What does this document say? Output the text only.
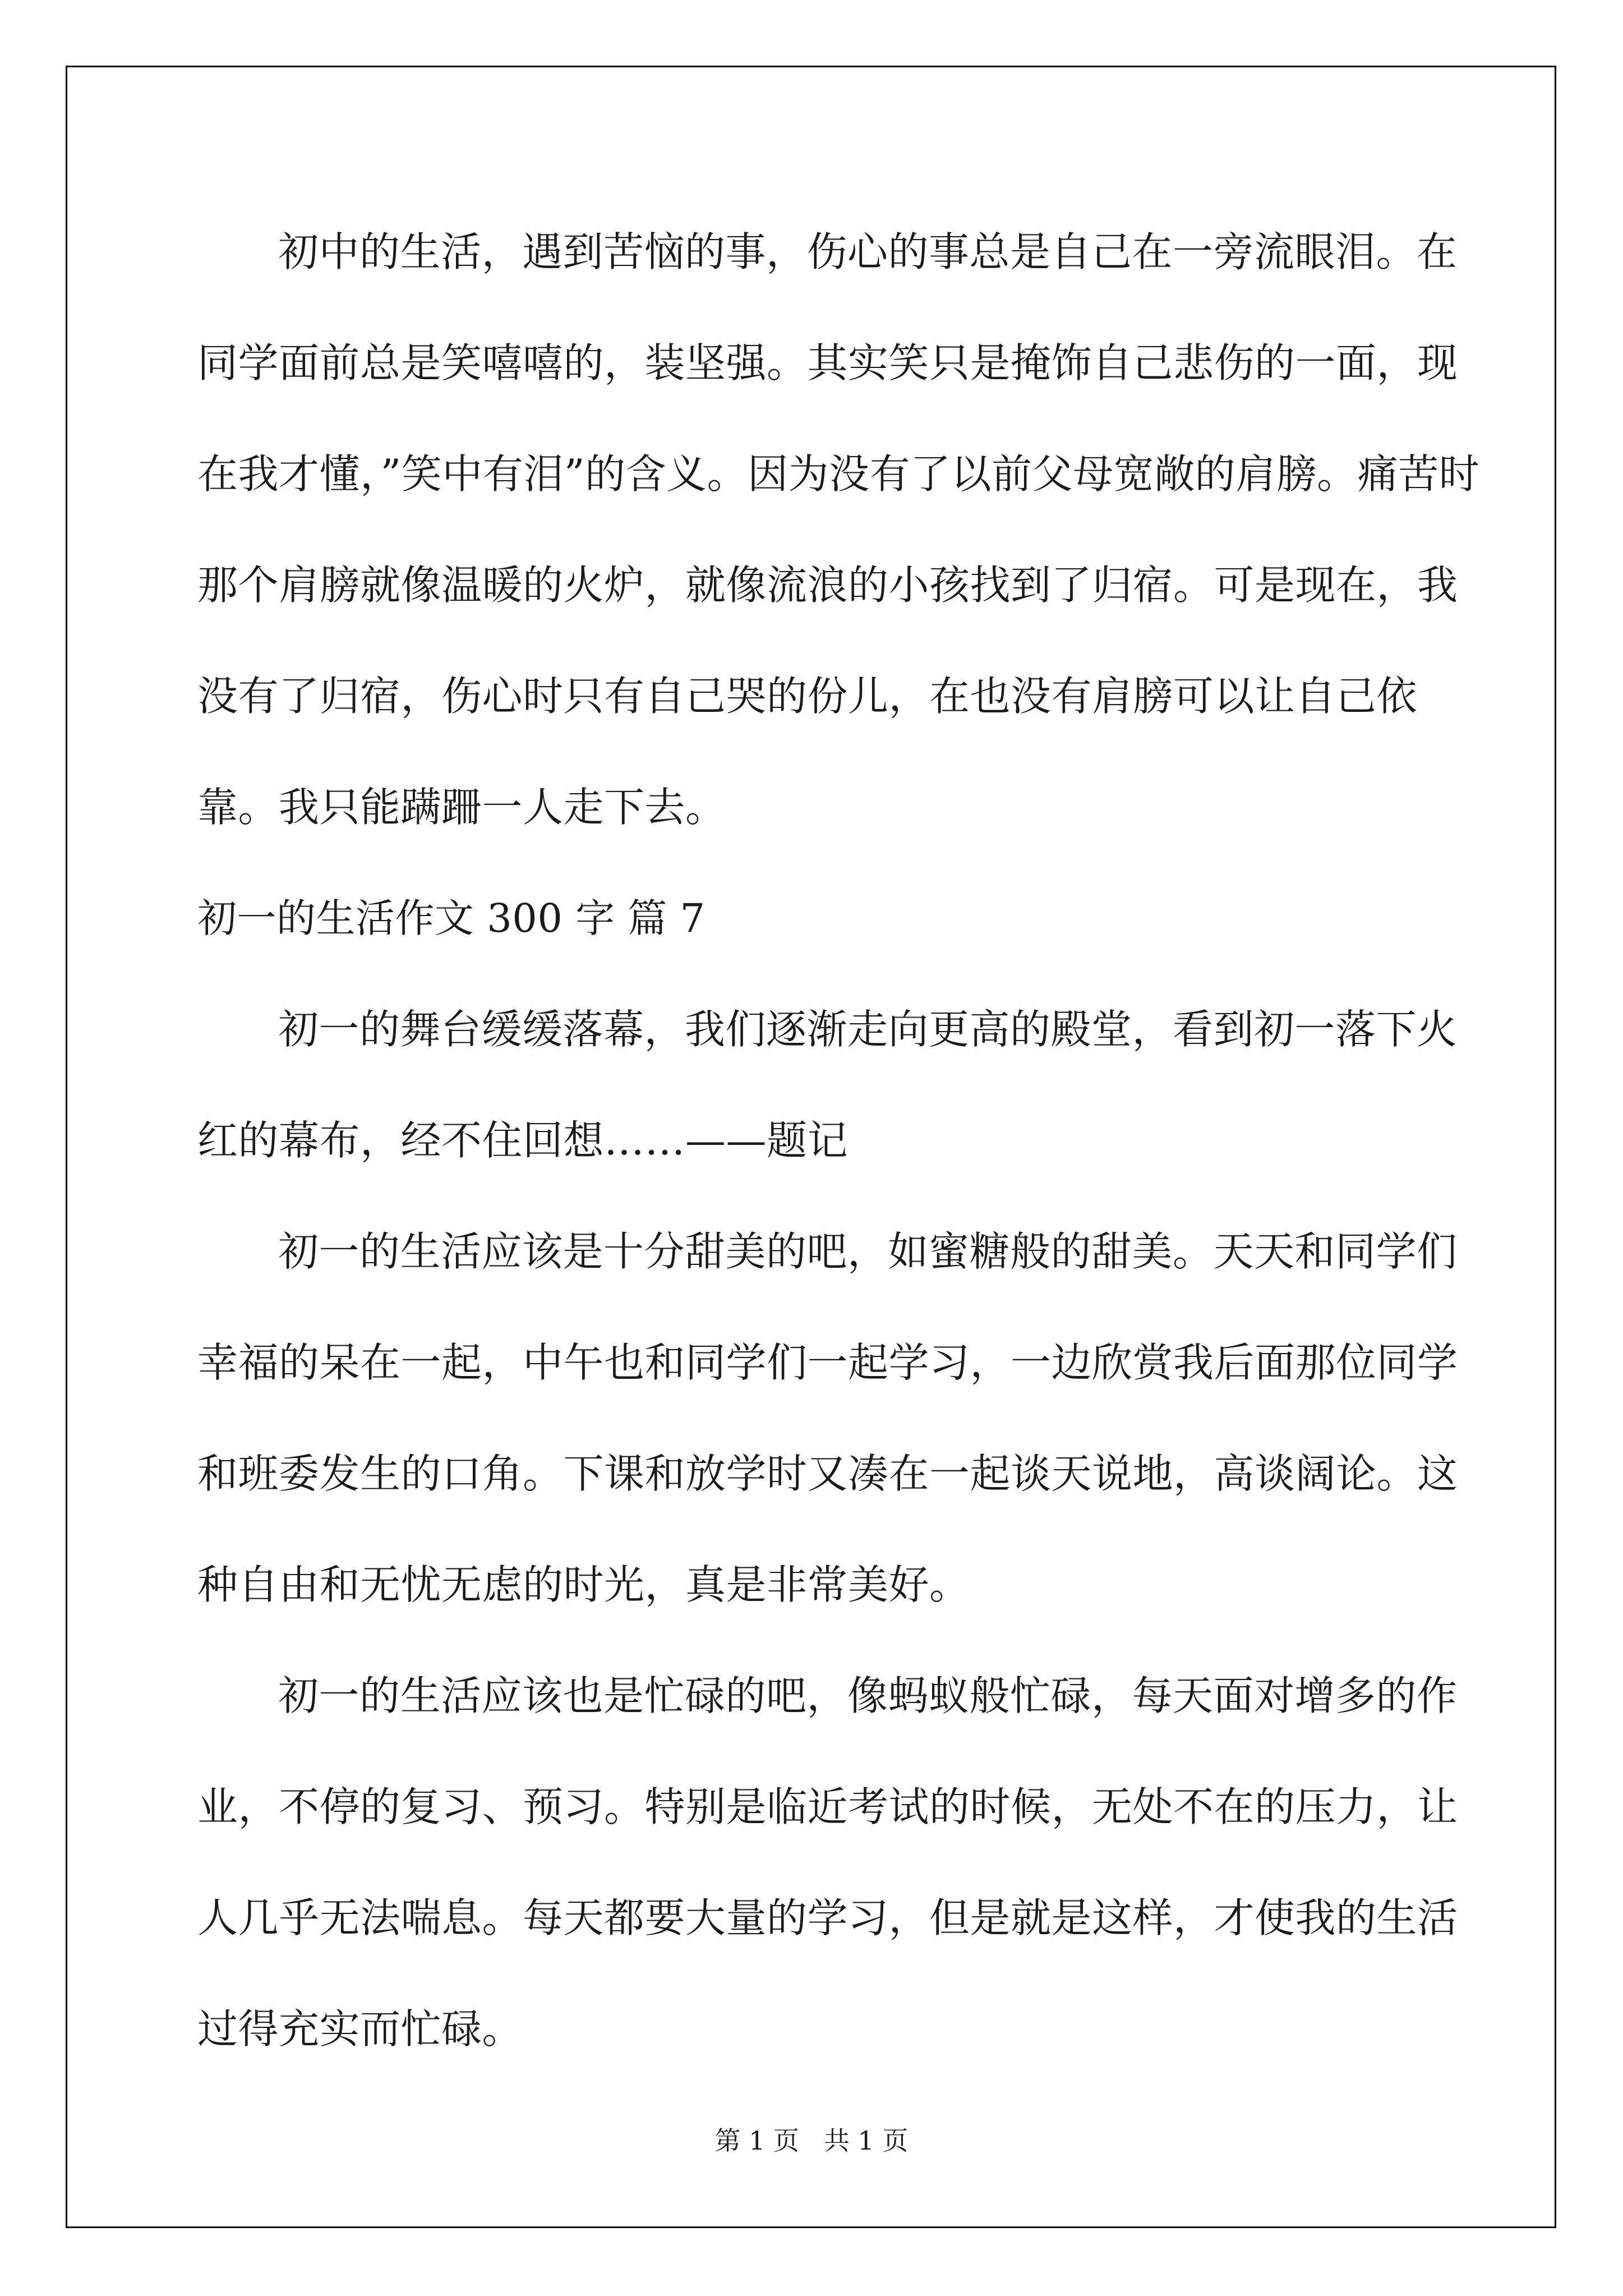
初中的生活，遇到苦恼的事，伤心的事总是自己在一旁流眼泪。在同学面前总是笑嘻嘻的，装坚强。其实笑只是掩饰自己悲伤的一面，现在我才懂，”笑中有泪”的含义。因为没有了以前父母宽敞的肩膀。痛苦时那个肩膀就像温暖的火炉，就像流浪的小孩找到了归宿。可是现在，我没有了归宿，伤心时只有自己哭的份儿，在也没有肩膀可以让自己依靠。我只能蹒跚一人走下去。

初一的生活作文 300 字 篇 7

初一的舞台缓缓落幕，我们逐渐走向更高的殿堂，看到初一落下火红的幕布，经不住回想……——题记

初一的生活应该是十分甜美的吧，如蜜糖般的甜美。天天和同学们幸福的呆在一起，中午也和同学们一起学习，一边欣赏我后面那位同学和班委发生的口角。下课和放学时又凑在一起谈天说地，高谈阔论。这种自由和无忧无虑的时光，真是非常美好。

初一的生活应该也是忙碌的吧，像蚂蚁般忙碌，每天面对增多的作业，不停的复习、预习。特别是临近考试的时候，无处不在的压力，让人几乎无法喘息。每天都要大量的学习，但是就是这样，才使我的生活过得充实而忙碌。

第 1 页   共 1 页
